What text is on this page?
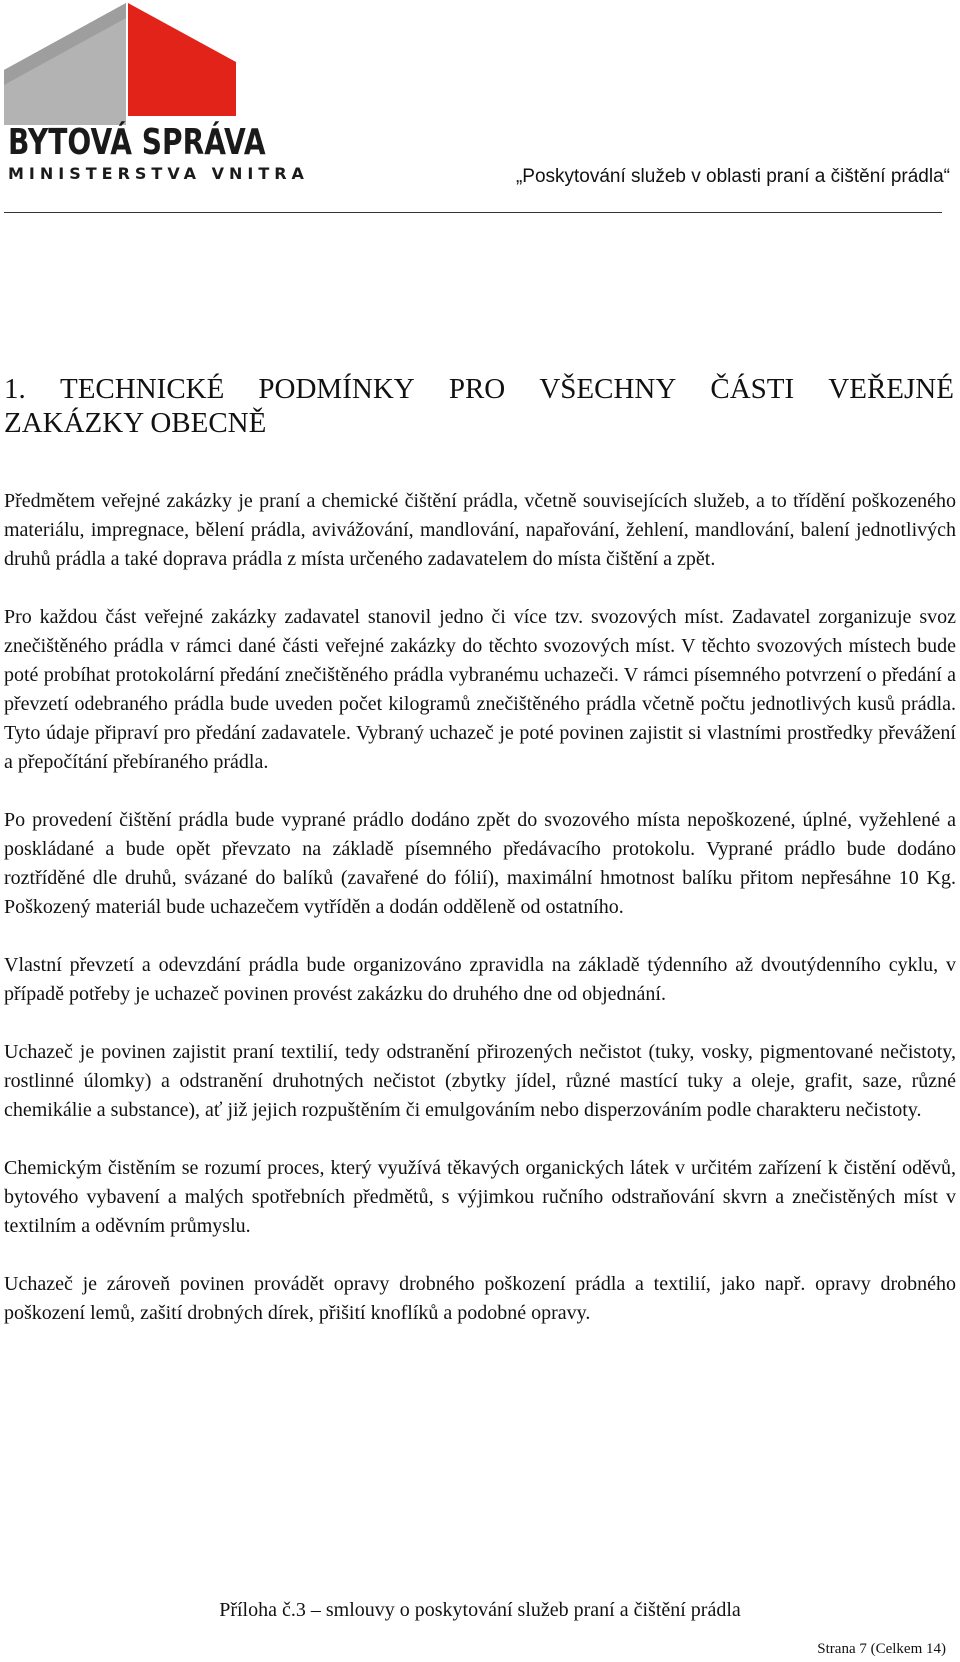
BYTOVÁ SPRÁVA
MINISTERSTVA VNITRA	„Poskytování služeb v oblasti praní a čištění prádla“
1.	TECHNICKÉ PODMÍNKY PRO VŠECHNY ČÁSTI VEŘEJNÉ
ZAKÁZKY OBECNĚ

Předmětem veřejné zakázky je praní a chemické čištění prádla, včetně souvisejících služeb, a to třídění poškozeného materiálu, impregnace, bělení prádla, avivážování, mandlování, napařování, žehlení, mandlování, balení jednotlivých druhů prádla a také doprava prádla z místa určeného zadavatelem do místa čištění a zpět.

Pro každou část veřejné zakázky zadavatel stanovil jedno či více tzv. svozových míst. Zadavatel zorganizuje svoz znečištěného prádla v rámci dané části veřejné zakázky do těchto svozových míst. V těchto svozových místech bude poté probíhat protokolární předání znečištěného prádla vybranému uchazeči. V rámci písemného potvrzení o předání a převzetí odebraného prádla bude uveden počet kilogramů znečištěného prádla včetně počtu jednotlivých kusů prádla. Tyto údaje připraví pro předání zadavatele. Vybraný uchazeč je poté povinen zajistit si vlastními prostředky převážení a přepočítání přebíraného prádla.

Po provedení čištění prádla bude vyprané prádlo dodáno zpět do svozového místa nepoškozené, úplné, vyžehlené a poskládané a bude opět převzato na základě písemného předávacího protokolu. Vyprané prádlo bude dodáno roztříděné dle druhů, svázané do balíků (zavařené do fólií), maximální hmotnost balíku přitom nepřesáhne 10 Kg. Poškozený materiál bude uchazečem vytříděn a dodán odděleně od ostatního.

Vlastní převzetí a odevzdání prádla bude organizováno zpravidla na základě týdenního až dvoutýdenního cyklu, v případě potřeby je uchazeč povinen provést zakázku do druhého dne od objednání.

Uchazeč je povinen zajistit praní textilií, tedy odstranění přirozených nečistot (tuky, vosky, pigmentované nečistoty, rostlinné úlomky) a odstranění druhotných nečistot (zbytky jídel, různé mastící tuky a oleje, grafit, saze, různé chemikálie a substance), ať již jejich rozpuštěním či emulgováním nebo disperzováním podle charakteru nečistoty.

Chemickým čistěním se rozumí proces, který využívá těkavých organických látek v určitém zařízení k čistění oděvů, bytového vybavení a malých spotřebních předmětů, s výjimkou ručního odstraňování skvrn a znečistěných míst v textilním a oděvním průmyslu.

Uchazeč je zároveň povinen provádět opravy drobného poškození prádla a textilií, jako např. opravy drobného poškození lemů, zašití drobných dírek, přišití knoflíků a podobné opravy.

Příloha č.3 – smlouvy o poskytování služeb praní a čištění prádla
Strana 7 (Celkem 14)
